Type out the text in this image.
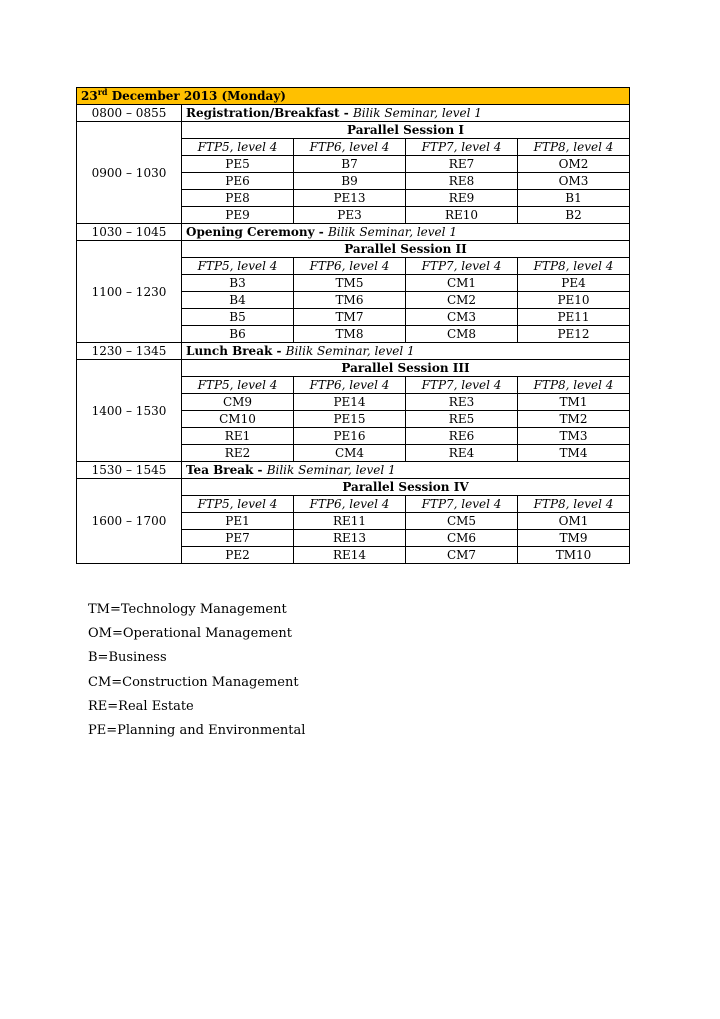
23rd December 2013 (Monday)				
0800 – 0855	Registration/Breakfast - Bilik Seminar, level 1			
0900 – 1030	Parallel Session I			
	FTP5, level 4	FTP6, level 4	FTP7, level 4	FTP8, level 4
	PE5	B7	RE7	OM2
	PE6	B9	RE8	OM3
	PE8	PE13	RE9	B1
	PE9	PE3	RE10	B2
1030 – 1045	Opening Ceremony - Bilik Seminar, level 1			
1100 – 1230	Parallel Session II			
	FTP5, level 4	FTP6, level 4	FTP7, level 4	FTP8, level 4
	B3	TM5	CM1	PE4
	B4	TM6	CM2	PE10
	B5	TM7	CM3	PE11
	B6	TM8	CM8	PE12
1230 – 1345	Lunch Break - Bilik Seminar, level 1			
1400 – 1530	Parallel Session III			
	FTP5, level 4	FTP6, level 4	FTP7, level 4	FTP8, level 4
	CM9	PE14	RE3	TM1
	CM10	PE15	RE5	TM2
	RE1	PE16	RE6	TM3
	RE2	CM4	RE4	TM4
1530 – 1545	Tea Break - Bilik Seminar, level 1			
1600 – 1700	Parallel Session IV			
	FTP5, level 4	FTP6, level 4	FTP7, level 4	FTP8, level 4
	PE1	RE11	CM5	OM1
	PE7	RE13	CM6	TM9
	PE2	RE14	CM7	TM10
TM=Technology Management
OM=Operational Management
B=Business
CM=Construction Management
RE=Real Estate
PE=Planning and Environmental
